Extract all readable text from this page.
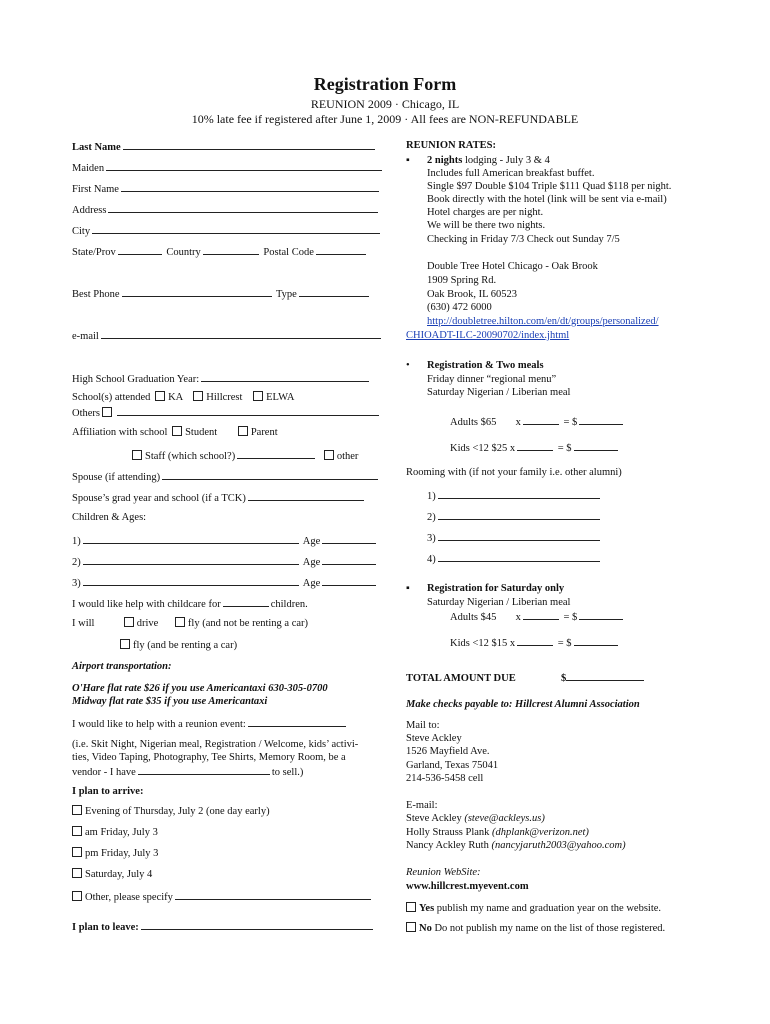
Registration Form
REUNION 2009 · Chicago, IL
10% late fee if registered after June 1, 2009 · All fees are NON-REFUNDABLE
Last Name
Maiden
First Name
Address
City
State/Prov	Country	Postal Code
Best Phone	Type
e-mail
High School Graduation Year:
School(s) attended KA Hillcrest ELWA
Others
Affiliation with school Student	Parent
Staff (which school?)	other
Spouse (if attending)
Spouse’s grad year and school (if a TCK)
Children & Ages:
1)	Age
2)	Age
3)	Age
I would like help with childcare for	children.
I will	drive	fly (and not be renting a car)
fly (and be renting a car)
Airport transportation:
O'Hare flat rate $26 if you use Americantaxi 630-305-0700
Midway flat rate $35 if you use Americantaxi
I would like to help with a reunion event:
(i.e. Skit Night, Nigerian meal, Registration / Welcome, kids’ activi-
ties, Video Taping, Photography, Tee Shirts, Memory Room, be a
vendor - I have	to sell.)
I plan to arrive:
Evening of Thursday, July 2 (one day early)
am Friday, July 3
pm Friday, July 3
Saturday, July 4
Other, please specify
I plan to leave:
REUNION RATES:
▪ 2 nights lodging - July 3 & 4
Includes full American breakfast buffet.
Single $97 Double $104 Triple $111 Quad $118 per night.
Book directly with the hotel (link will be sent via e-mail)
Hotel charges are per night.
We will be there two nights.
Checking in Friday 7/3 Check out Sunday 7/5
Double Tree Hotel Chicago - Oak Brook
1909 Spring Rd.
Oak Brook, IL 60523
(630) 472 6000
http://doubletree.hilton.com/en/dt/groups/personalized/
CHIOADT-ILC-20090702/index.jhtml
• Registration & Two meals
Friday dinner “regional menu”
Saturday Nigerian / Liberian meal
Adults $65 x	= $
Kids <12 $25 x	= $
Rooming with (if not your family i.e. other alumni)
1)
2)
3)
4)
▪ Registration for Saturday only
Saturday Nigerian / Liberian meal
Adults $45 x	= $
Kids <12 $15 x	= $
TOTAL AMOUNT DUE	$
Make checks payable to: Hillcrest Alumni Association
Mail to:
Steve Ackley
1526 Mayfield Ave.
Garland, Texas 75041
214-536-5458 cell
E-mail:
Steve Ackley (steve@ackleys.us)
Holly Strauss Plank (dhplank@verizon.net)
Nancy Ackley Ruth (nancyjaruth2003@yahoo.com)
Reunion WebSite:
www.hillcrest.myevent.com
Yes publish my name and graduation year on the website.
No Do not publish my name on the list of those registered.
